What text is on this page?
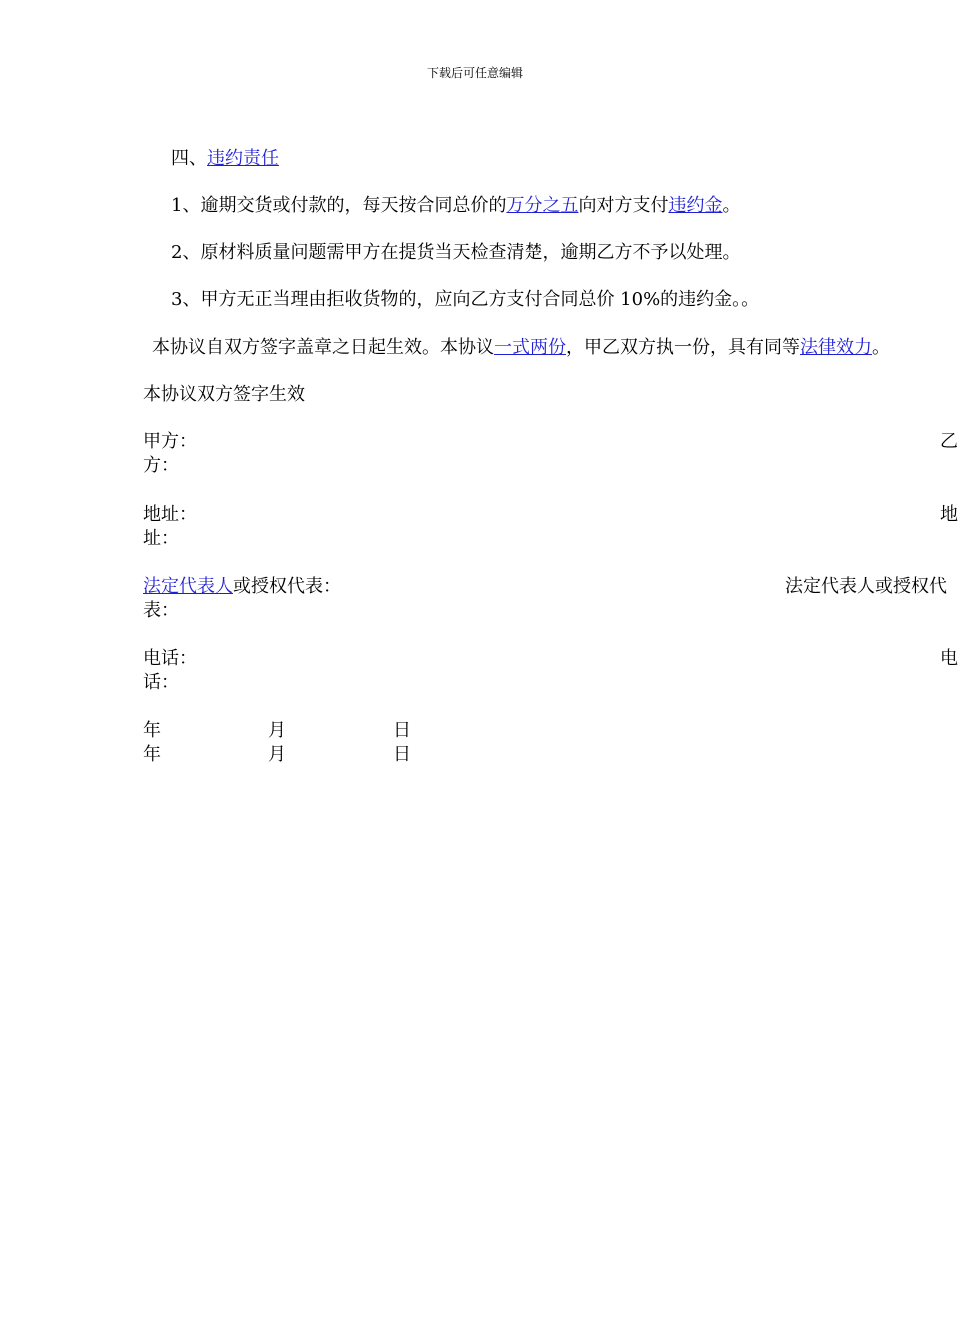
下载后可任意编辑
四、违约责任
1、逾期交货或付款的，每天按合同总价的万分之五向对方支付违约金。
2、原材料质量问题需甲方在提货当天检查清楚，逾期乙方不予以处理。
3、甲方无正当理由拒收货物的，应向乙方支付合同总价 10%的违约金。。
本协议自双方签字盖章之日起生效。本协议一式两份，甲乙双方执一份，具有同等法律效力。
本协议双方签字生效
甲方：	乙
方：
地址：	地
址：
法定代表人或授权代表：	法定代表人或授权代
表：
电话：	电
话：
年	月	日
年	月	日
